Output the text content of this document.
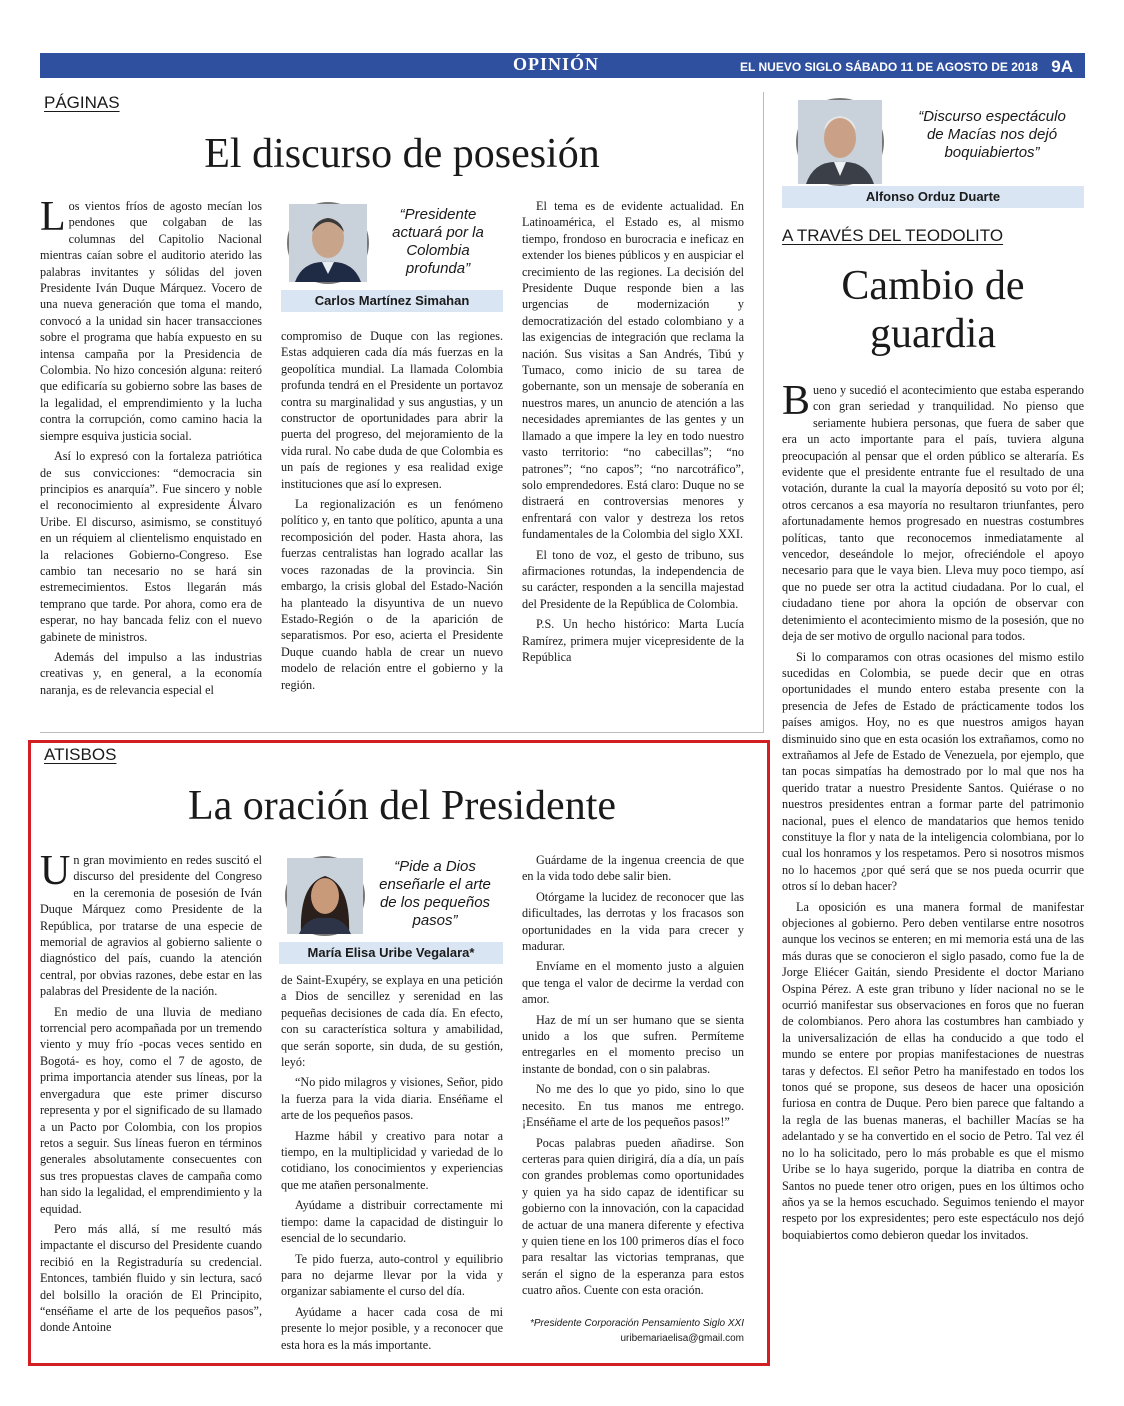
OPINIÓN	EL NUEVO SIGLO SÁBADO 11 DE AGOSTO DE 2018 9A
PÁGINAS
El discurso de posesión

Los vientos fríos de agosto mecían los pendones que colgaban de las columnas del Capitolio Nacional mientras caían sobre el auditorio aterido las palabras invitantes y sólidas del joven Presidente Iván Duque Márquez. Vocero de una nueva generación que toma el mando, convocó a la unidad sin hacer transacciones sobre el programa que había expuesto en su intensa campaña por la Presidencia de Colombia. No hizo concesión alguna: reiteró que edificaría su gobierno sobre las bases de la legalidad, el emprendimiento y la lucha contra la corrupción, como camino hacia la siempre esquiva justicia social.

Así lo expresó con la fortaleza patriótica de sus convicciones: “democracia sin principios es anarquía”. Fue sincero y noble el reconocimiento al expresidente Álvaro Uribe. El discurso, asimismo, se constituyó en un réquiem al clientelismo enquistado en la relaciones Gobierno-Congreso. Ese cambio tan necesario no se hará sin estremecimientos. Estos llegarán más temprano que tarde. Por ahora, como era de esperar, no hay bancada feliz con el nuevo gabinete de ministros.

Además del impulso a las industrias creativas y, en general, a la economía naranja, es de relevancia especial el

“Presidente actuará por la Colombia profunda”
Carlos Martínez Simahan

compromiso de Duque con las regiones. Estas adquieren cada día más fuerzas en la geopolítica mundial. La llamada Colombia profunda tendrá en el Presidente un portavoz contra su marginalidad y sus angustias, y un constructor de oportunidades para abrir la puerta del progreso, del mejoramiento de la vida rural. No cabe duda de que Colombia es un país de regiones y esa realidad exige instituciones que así lo expresen.

La regionalización es un fenómeno político y, en tanto que político, apunta a una recomposición del poder. Hasta ahora, las fuerzas centralistas han logrado acallar las voces razonadas de la provincia. Sin embargo, la crisis global del Estado-Nación ha planteado la disyuntiva de un nuevo Estado-Región o de la aparición de separatismos. Por eso, acierta el Presidente Duque cuando habla de crear un nuevo modelo de relación entre el gobierno y la región.

El tema es de evidente actualidad. En Latinoamérica, el Estado es, al mismo tiempo, frondoso en burocracia e ineficaz en extender los bienes públicos y en auspiciar el crecimiento de las regiones. La decisión del Presidente Duque responde bien a las urgencias de modernización y democratización del estado colombiano y a las exigencias de integración que reclama la nación. Sus visitas a San Andrés, Tibú y Tumaco, como inicio de su tarea de gobernante, son un mensaje de soberanía en nuestros mares, un anuncio de atención a las necesidades apremiantes de las gentes y un llamado a que impere la ley en todo nuestro vasto territorio: “no cabecillas”; “no patrones”; “no capos”; “no narcotráfico”, solo emprendedores. Está claro: Duque no se distraerá en controversias menores y enfrentará con valor y destreza los retos fundamentales de la Colombia del siglo XXI.

El tono de voz, el gesto de tribuno, sus afirmaciones rotundas, la independencia de su carácter, responden a la sencilla majestad del Presidente de la República de Colombia.

P.S. Un hecho histórico: Marta Lucía Ramírez, primera mujer vicepresidente de la República

ATISBOS
La oración del Presidente

Un gran movimiento en redes suscitó el discurso del presidente del Congreso en la ceremonia de posesión de Iván Duque Márquez como Presidente de la República, por tratarse de una especie de memorial de agravios al gobierno saliente o diagnóstico del país, cuando la atención central, por obvias razones, debe estar en las palabras del Presidente de la nación.

En medio de una lluvia de mediano torrencial pero acompañada por un tremendo viento y muy frío -pocas veces sentido en Bogotá- es hoy, como el 7 de agosto, de prima importancia atender sus líneas, por la envergadura que este primer discurso representa y por el significado de su llamado a un Pacto por Colombia, con los propios retos a seguir. Sus líneas fueron en términos generales absolutamente consecuentes con sus tres propuestas claves de campaña como han sido la legalidad, el emprendimiento y la equidad.

Pero más allá, sí me resultó más impactante el discurso del Presidente cuando recibió en la Registraduría su credencial. Entonces, también fluido y sin lectura, sacó del bolsillo la oración de El Principito, “enséñame el arte de los pequeños pasos”, donde Antoine

“Pide a Dios enseñarle el arte de los pequeños pasos”
María Elisa Uribe Vegalara*

de Saint-Exupéry, se explaya en una petición a Dios de sencillez y serenidad en las pequeñas decisiones de cada día. En efecto, con su característica soltura y amabilidad, que serán soporte, sin duda, de su gestión, leyó:

“No pido milagros y visiones, Señor, pido la fuerza para la vida diaria. Enséñame el arte de los pequeños pasos.

Hazme hábil y creativo para notar a tiempo, en la multiplicidad y variedad de lo cotidiano, los conocimientos y experiencias que me atañen personalmente.

Ayúdame a distribuir correctamente mi tiempo: dame la capacidad de distinguir lo esencial de lo secundario.

Te pido fuerza, auto-control y equilibrio para no dejarme llevar por la vida y organizar sabiamente el curso del día.

Ayúdame a hacer cada cosa de mi presente lo mejor posible, y a reconocer que esta hora es la más importante.

Guárdame de la ingenua creencia de que en la vida todo debe salir bien.

Otórgame la lucidez de reconocer que las dificultades, las derrotas y los fracasos son oportunidades en la vida para crecer y madurar.

Envíame en el momento justo a alguien que tenga el valor de decirme la verdad con amor.

Haz de mí un ser humano que se sienta unido a los que sufren. Permíteme entregarles en el momento preciso un instante de bondad, con o sin palabras.

No me des lo que yo pido, sino lo que necesito. En tus manos me entrego. ¡Enséñame el arte de los pequeños pasos!”

Pocas palabras pueden añadirse. Son certeras para quien dirigirá, día a día, un país con grandes problemas como oportunidades y quien ya ha sido capaz de identificar su gobierno con la innovación, con la capacidad de actuar de una manera diferente y efectiva y quien tiene en los 100 primeros días el foco para resaltar las victorias tempranas, que serán el signo de la esperanza para estos cuatro años. Cuente con esta oración.

*Presidente Corporación Pensamiento Siglo XXI
uribemariaelisa@gmail.com
“Discurso espectáculo de Macías nos dejó boquiabiertos”
Alfonso Orduz Duarte
A TRAVÉS DEL TEODOLITO
Cambio de guardia

Bueno y sucedió el acontecimiento que estaba esperando con gran seriedad y tranquilidad. No pienso que seriamente hubiera personas, que fuera de saber que era un acto importante para el país, tuviera alguna preocupación al pensar que el orden público se alteraría. Es evidente que el presidente entrante fue el resultado de una votación, durante la cual la mayoría depositó su voto por él; otros cercanos a esa mayoría no resultaron triunfantes, pero afortunadamente hemos progresado en nuestras costumbres políticas, tanto que reconocemos inmediatamente al vencedor, deseándole lo mejor, ofreciéndole el apoyo necesario para que le vaya bien. Lleva muy poco tiempo, así que no puede ser otra la actitud ciudadana. Por lo cual, el ciudadano tiene por ahora la opción de observar con detenimiento el acontecimiento mismo de la posesión, que no deja de ser motivo de orgullo nacional para todos.

Si lo comparamos con otras ocasiones del mismo estilo sucedidas en Colombia, se puede decir que en otras oportunidades el mundo entero estaba presente con la presencia de Jefes de Estado de prácticamente todos los países amigos. Hoy, no es que nuestros amigos hayan disminuido sino que en esta ocasión los extrañamos, como no extrañamos al Jefe de Estado de Venezuela, por ejemplo, que tan pocas simpatías ha demostrado por lo mal que nos ha querido tratar a nuestro Presidente Santos. Quiérase o no nuestros presidentes entran a formar parte del patrimonio nacional, pues el elenco de mandatarios que hemos tenido constituye la flor y nata de la inteligencia colombiana, por lo cual los honramos y los respetamos. Pero si nosotros mismos no lo hacemos ¿por qué será que se nos pueda ocurrir que otros sí lo deban hacer?

La oposición es una manera formal de manifestar objeciones al gobierno. Pero deben ventilarse entre nosotros aunque los vecinos se enteren; en mi memoria está una de las más duras que se conocieron el siglo pasado, como fue la de Jorge Eliécer Gaitán, siendo Presidente el doctor Mariano Ospina Pérez. A este gran tribuno y líder nacional no se le ocurrió manifestar sus observaciones en foros que no fueran de colombianos. Pero ahora las costumbres han cambiado y la universalización de ellas ha conducido a que todo el mundo se entere por propias manifestaciones de nuestras taras y defectos. El señor Petro ha manifestado en todos los tonos qué se propone, sus deseos de hacer una oposición furiosa en contra de Duque. Pero bien parece que faltando a la regla de las buenas maneras, el bachiller Macías se ha adelantado y se ha convertido en el socio de Petro. Tal vez él no lo ha solicitado, pero lo más probable es que el mismo Uribe se lo haya sugerido, porque la diatriba en contra de Santos no puede tener otro origen, pues en los últimos ocho años ya se la hemos escuchado. Seguimos teniendo el mayor respeto por los expresidentes; pero este espectáculo nos dejó boquiabiertos como debieron quedar los invitados.
